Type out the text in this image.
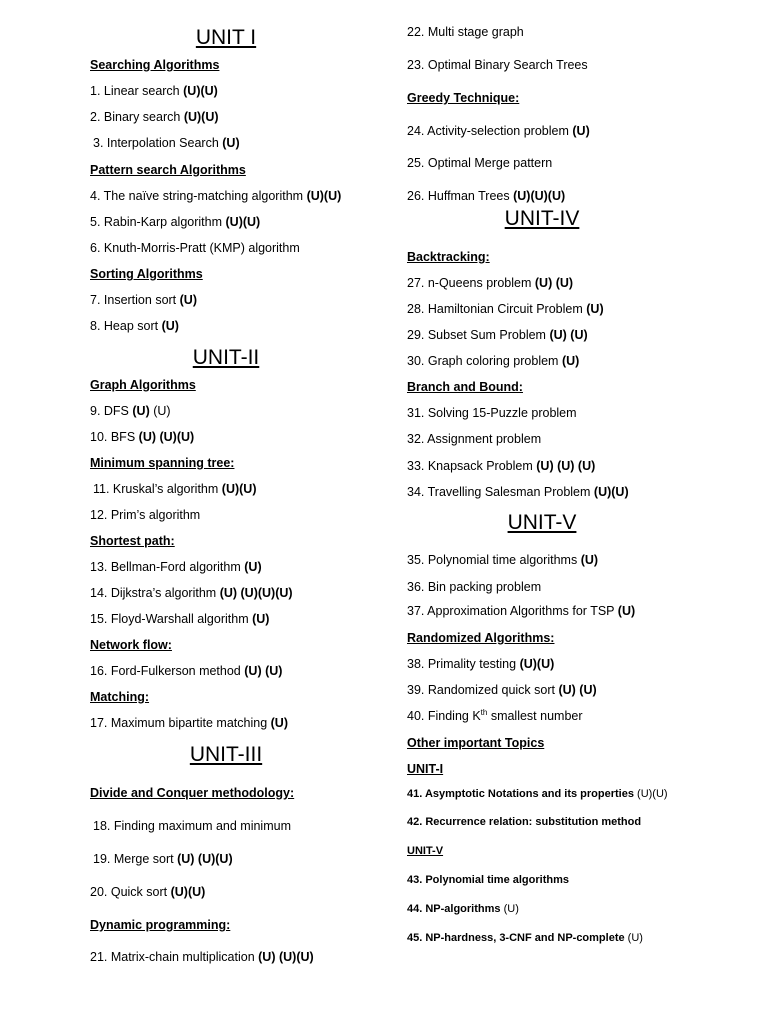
UNIT I
Searching Algorithms
1. Linear search (U)(U)
2. Binary search (U)(U)
3. Interpolation Search (U)
Pattern search Algorithms
4. The naïve string-matching algorithm (U)(U)
5. Rabin-Karp algorithm (U)(U)
6. Knuth-Morris-Pratt (KMP) algorithm
Sorting Algorithms
7. Insertion sort (U)
8. Heap sort (U)
UNIT-II
Graph Algorithms
9. DFS (U) (U)
10. BFS (U) (U)(U)
Minimum spanning tree:
11. Kruskal’s algorithm (U)(U)
12. Prim’s algorithm
Shortest path:
13. Bellman-Ford algorithm (U)
14. Dijkstra’s algorithm (U) (U)(U)(U)
15. Floyd-Warshall algorithm (U)
Network flow:
16. Ford-Fulkerson method (U) (U)
Matching:
17. Maximum bipartite matching (U)
UNIT-III
Divide and Conquer methodology:
18. Finding maximum and minimum
19. Merge sort (U) (U)(U)
20. Quick sort (U)(U)
Dynamic programming:
21. Matrix-chain multiplication (U) (U)(U)
22. Multi stage graph
23. Optimal Binary Search Trees
Greedy Technique:
24. Activity-selection problem (U)
25. Optimal Merge pattern
26. Huffman Trees (U)(U)(U)
UNIT-IV
Backtracking:
27. n-Queens problem (U) (U)
28. Hamiltonian Circuit Problem (U)
29. Subset Sum Problem (U) (U)
30. Graph coloring problem (U)
Branch and Bound:
31. Solving 15-Puzzle problem
32. Assignment problem
33. Knapsack Problem (U) (U) (U)
34. Travelling Salesman Problem (U)(U)
UNIT-V
35. Polynomial time algorithms (U)
36. Bin packing problem
37. Approximation Algorithms for TSP (U)
Randomized Algorithms:
38. Primality testing (U)(U)
39. Randomized quick sort (U) (U)
40. Finding $K^{th}$ smallest number
Other important Topics
UNIT-I
41. Asymptotic Notations and its properties (U)(U)
42. Recurrence relation: substitution method
UNIT-V
43. Polynomial time algorithms
44. NP-algorithms (U)
45. NP-hardness, 3-CNF and NP-complete (U)
